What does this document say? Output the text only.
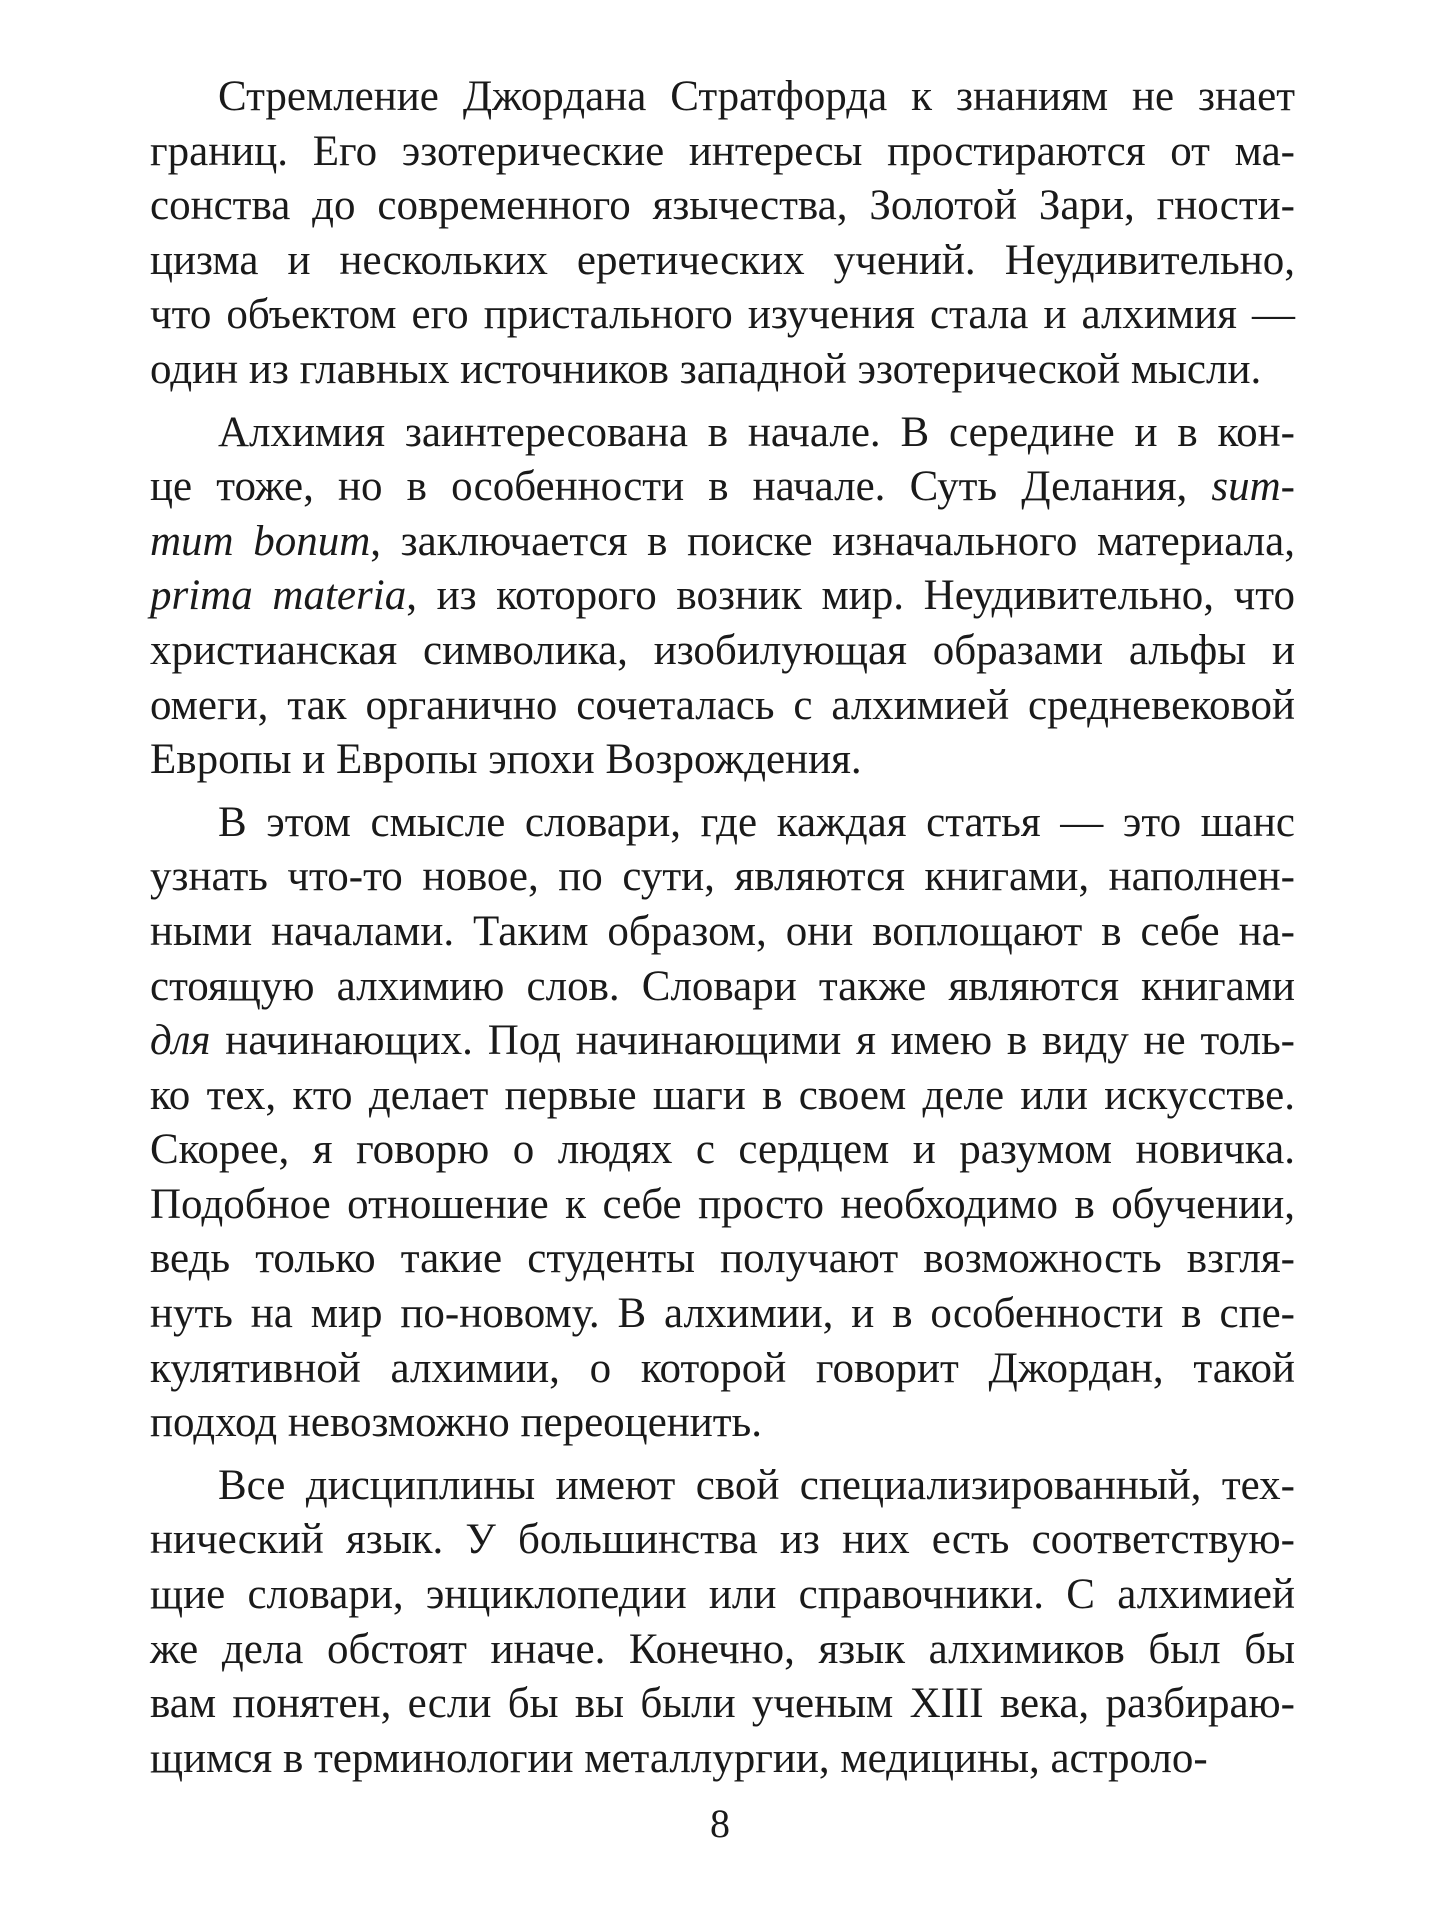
Стремление Джордана Стратфорда к знаниям не знает
границ. Его эзотерические интересы простираются от ма-
сонства до современного язычества, Золотой Зари, гности-
цизма и нескольких еретических учений. Неудивительно,
что объектом его пристального изучения стала и алхимия —
один из главных источников западной эзотерической мысли.

Алхимия заинтересована в начале. В середине и в кон-
це тоже, но в особенности в начале. Суть Делания, sum-
mum bonum, заключается в поиске изначального материала,
prima materia, из которого возник мир. Неудивительно, что
христианская символика, изобилующая образами альфы и
омеги, так органично сочеталась с алхимией средневековой
Европы и Европы эпохи Возрождения.

В этом смысле словари, где каждая статья — это шанс
узнать что-то новое, по сути, являются книгами, наполнен-
ными началами. Таким образом, они воплощают в себе на-
стоящую алхимию слов. Словари также являются книгами
для начинающих. Под начинающими я имею в виду не толь-
ко тех, кто делает первые шаги в своем деле или искусстве.
Скорее, я говорю о людях с сердцем и разумом новичка.
Подобное отношение к себе просто необходимо в обучении,
ведь только такие студенты получают возможность взгля-
нуть на мир по-новому. В алхимии, и в особенности в спе-
кулятивной алхимии, о которой говорит Джордан, такой
подход невозможно переоценить.

Все дисциплины имеют свой специализированный, тех-
нический язык. У большинства из них есть соответствую-
щие словари, энциклопедии или справочники. С алхимией
же дела обстоят иначе. Конечно, язык алхимиков был бы
вам понятен, если бы вы были ученым XIII века, разбираю-
щимся в терминологии металлургии, медицины, астроло-

8
